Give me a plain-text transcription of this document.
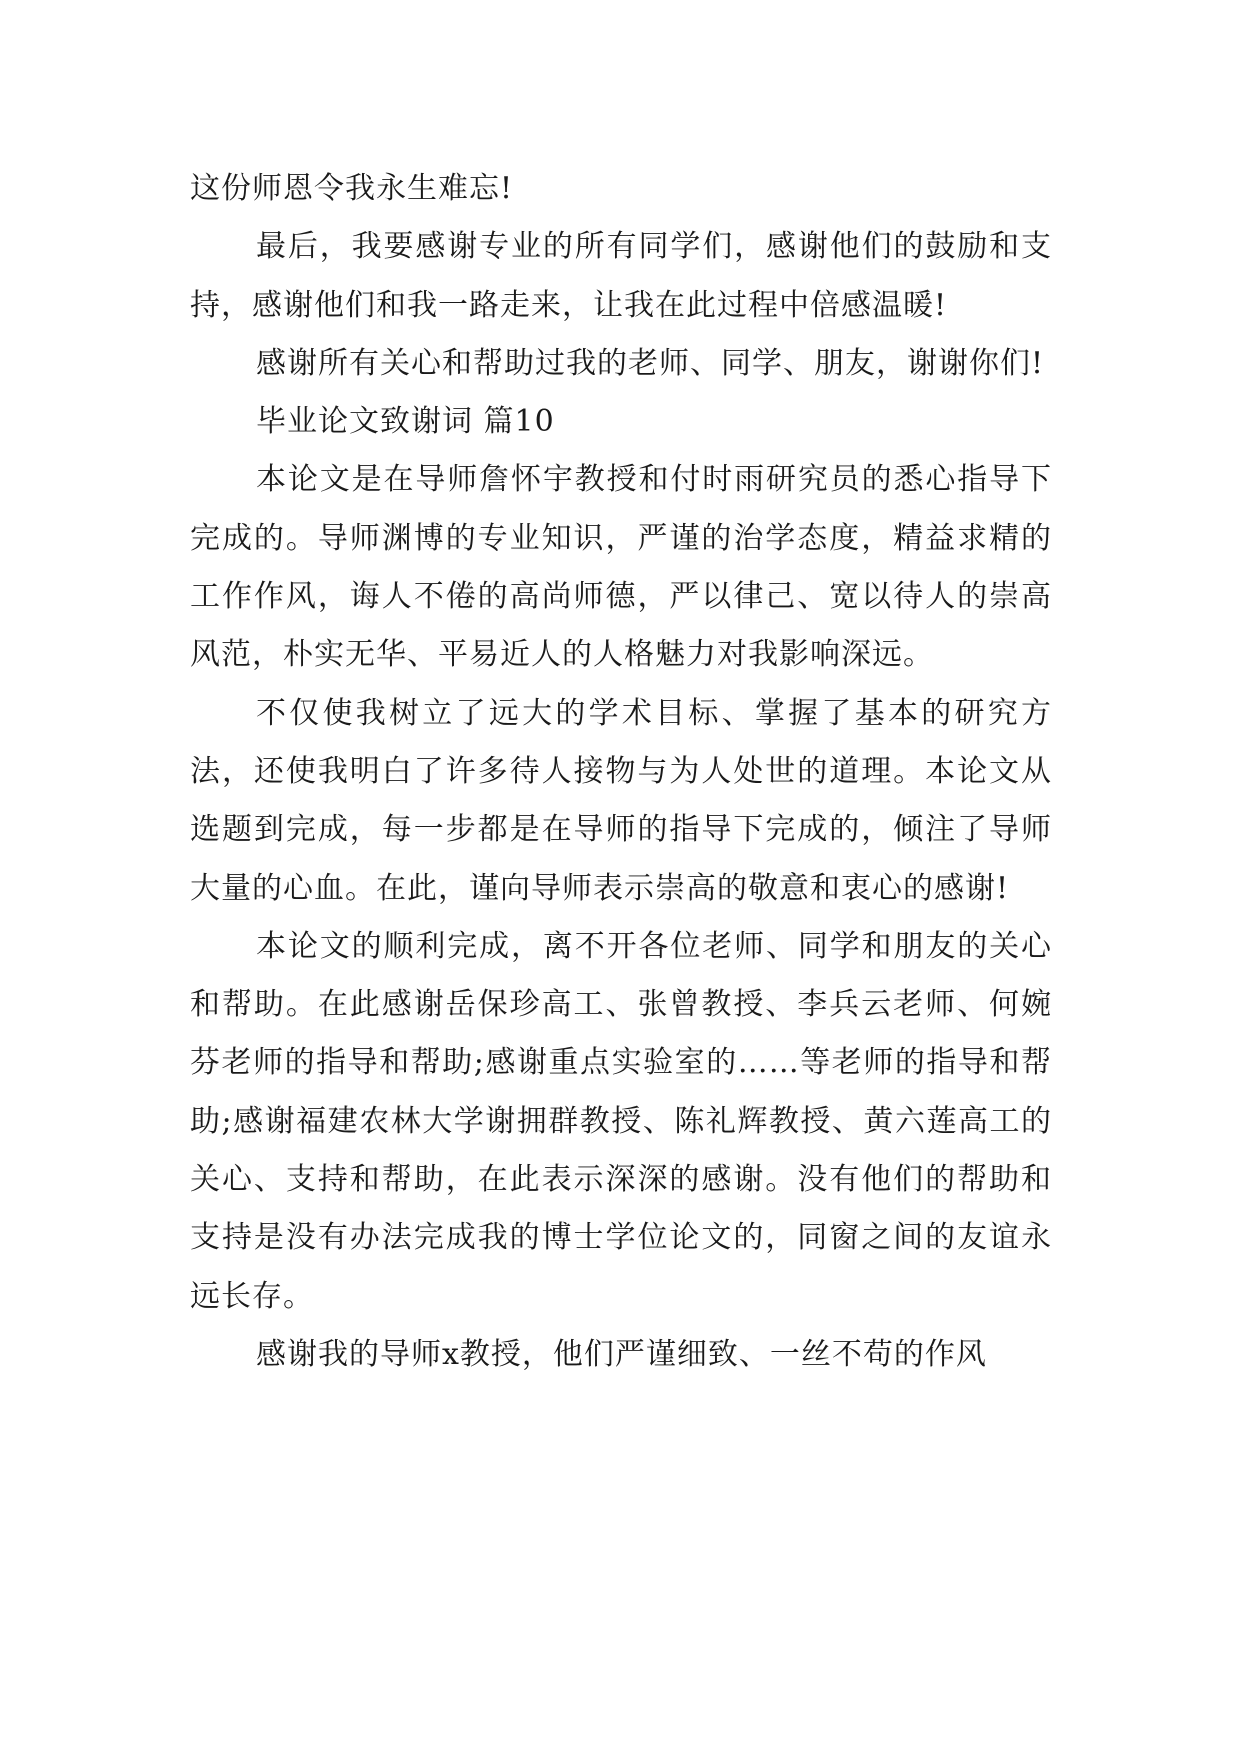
这份师恩令我永生难忘!

最后，我要感谢专业的所有同学们，感谢他们的鼓励和支持，感谢他们和我一路走来，让我在此过程中倍感温暖!

感谢所有关心和帮助过我的老师、同学、朋友，谢谢你们!

毕业论文致谢词 篇10

本论文是在导师詹怀宇教授和付时雨研究员的悉心指导下完成的。导师渊博的专业知识，严谨的治学态度，精益求精的工作作风，诲人不倦的高尚师德，严以律己、宽以待人的崇高风范，朴实无华、平易近人的人格魅力对我影响深远。

不仅使我树立了远大的学术目标、掌握了基本的研究方法，还使我明白了许多待人接物与为人处世的道理。本论文从选题到完成，每一步都是在导师的指导下完成的，倾注了导师大量的心血。在此，谨向导师表示崇高的敬意和衷心的感谢!

本论文的顺利完成，离不开各位老师、同学和朋友的关心和帮助。在此感谢岳保珍高工、张曾教授、李兵云老师、何婉芬老师的指导和帮助;感谢重点实验室的……等老师的指导和帮助;感谢福建农林大学谢拥群教授、陈礼辉教授、黄六莲高工的关心、支持和帮助，在此表示深深的感谢。没有他们的帮助和支持是没有办法完成我的博士学位论文的，同窗之间的友谊永远长存。

感谢我的导师x教授，他们严谨细致、一丝不苟的作风
